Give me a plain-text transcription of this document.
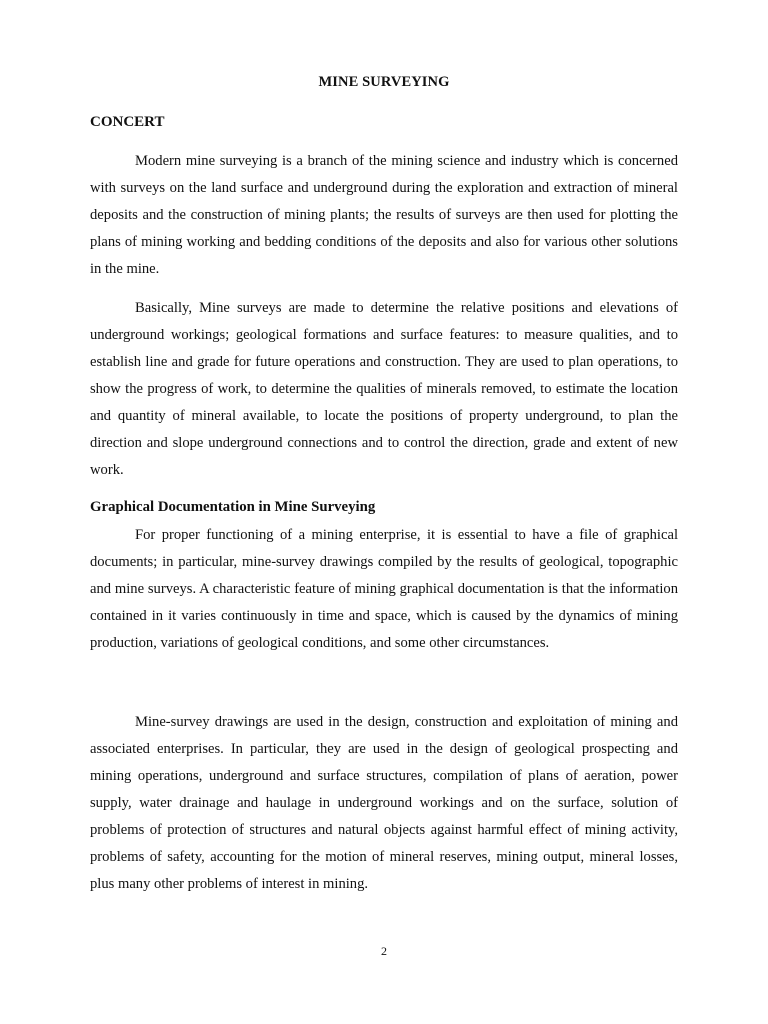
MINE SURVEYING
CONCERT

Modern mine surveying is a branch of the mining science and industry which is concerned with surveys on the land surface and underground during the exploration and extraction of mineral deposits and the construction of mining plants; the results of surveys are then used for plotting the plans of mining working and bedding conditions of the deposits and also for various other solutions in the mine.

Basically, Mine surveys are made to determine the relative positions and elevations of underground workings; geological formations and surface features: to measure qualities, and to establish line and grade for future operations and construction. They are used to plan operations, to show the progress of work, to determine the qualities of minerals removed, to estimate the location and quantity of mineral available, to locate the positions of property underground, to plan the direction and slope underground connections and to control the direction, grade and extent of new work.

Graphical Documentation in Mine Surveying

For proper functioning of a mining enterprise, it is essential to have a file of graphical documents; in particular, mine-survey drawings compiled by the results of geological, topographic and mine surveys. A characteristic feature of mining graphical documentation is that the information contained in it varies continuously in time and space, which is caused by the dynamics of mining production, variations of geological conditions, and some other circumstances.

Mine-survey drawings are used in the design, construction and exploitation of mining and associated enterprises. In particular, they are used in the design of geological prospecting and mining operations, underground and surface structures, compilation of plans of aeration, power supply, water drainage and haulage in underground workings and on the surface, solution of problems of protection of structures and natural objects against harmful effect of mining activity, problems of safety, accounting for the motion of mineral reserves, mining output, mineral losses, plus many other problems of interest in mining.

2
